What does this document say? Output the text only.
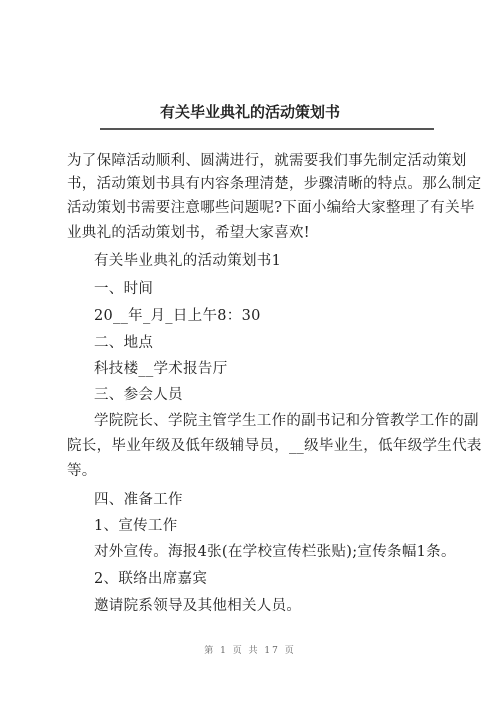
有关毕业典礼的活动策划书
为了保障活动顺利、圆满进行，就需要我们事先制定活动策划
书，活动策划书具有内容条理清楚，步骤清晰的特点。那么制定
活动策划书需要注意哪些问题呢?下面小编给大家整理了有关毕
业典礼的活动策划书，希望大家喜欢!
有关毕业典礼的活动策划书1
一、时间
20__年_月_日上午8：30
二、地点
科技楼__学术报告厅
三、参会人员
学院院长、学院主管学生工作的副书记和分管教学工作的副
院长，毕业年级及低年级辅导员，__级毕业生，低年级学生代表
等。
四、准备工作
1、宣传工作
对外宣传。海报4张(在学校宣传栏张贴);宣传条幅1条。
2、联络出席嘉宾
邀请院系领导及其他相关人员。
第 1 页 共 17 页
